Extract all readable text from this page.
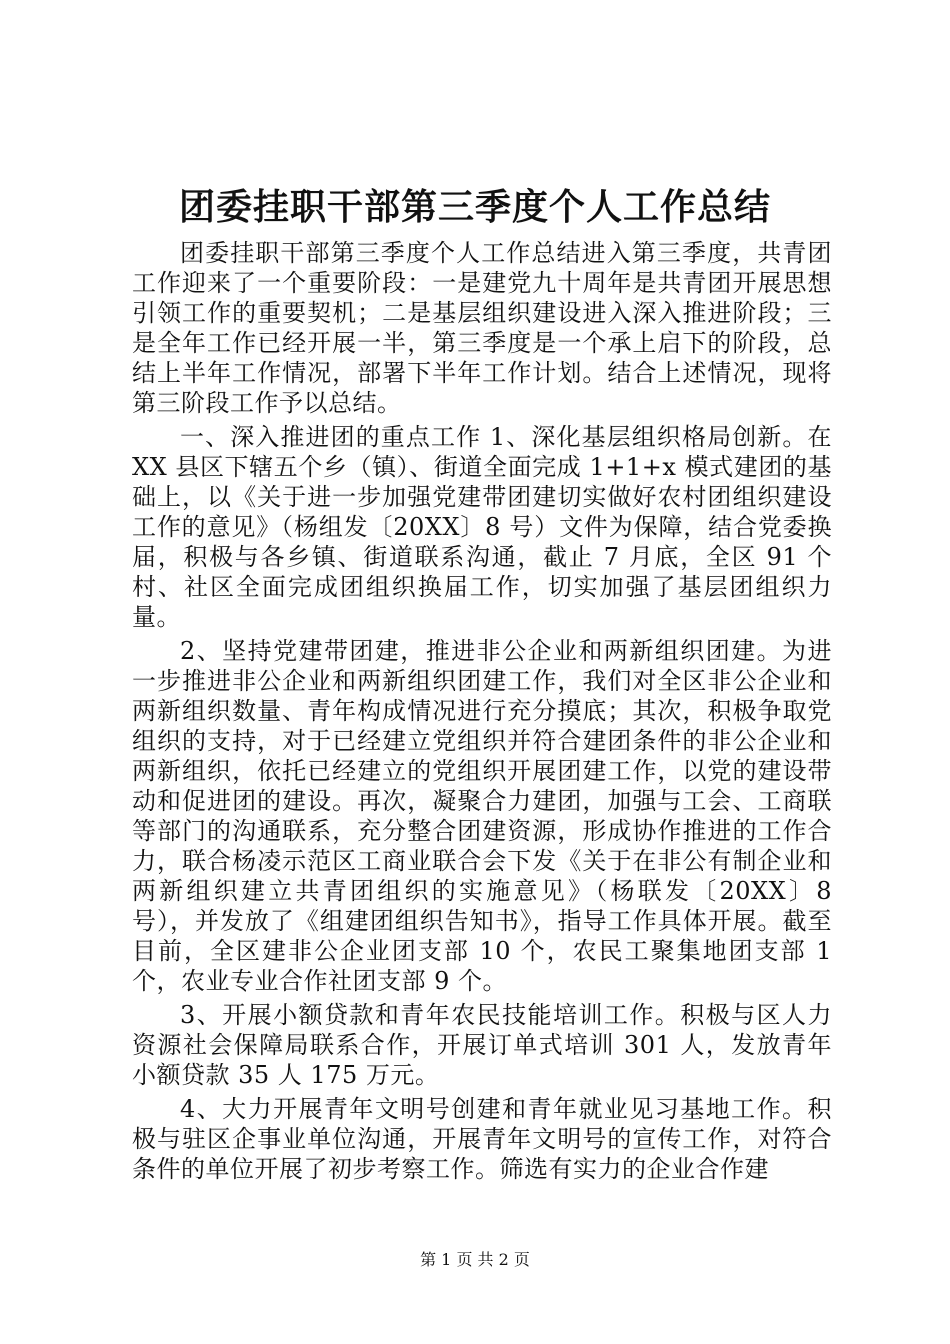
团委挂职干部第三季度个人工作总结

团委挂职干部第三季度个人工作总结进入第三季度，共青团工作迎来了一个重要阶段：一是建党九十周年是共青团开展思想引领工作的重要契机；二是基层组织建设进入深入推进阶段；三是全年工作已经开展一半，第三季度是一个承上启下的阶段，总结上半年工作情况，部署下半年工作计划。结合上述情况，现将第三阶段工作予以总结。

一、深入推进团的重点工作 1、深化基层组织格局创新。在 XX 县区下辖五个乡（镇）、街道全面完成 1+1+x 模式建团的基础上，以《关于进一步加强党建带团建切实做好农村团组织建设工作的意见》（杨组发〔20XX〕8 号）文件为保障，结合党委换届，积极与各乡镇、街道联系沟通，截止 7 月底，全区 91 个村、社区全面完成团组织换届工作，切实加强了基层团组织力量。

2、坚持党建带团建，推进非公企业和两新组织团建。为进一步推进非公企业和两新组织团建工作，我们对全区非公企业和两新组织数量、青年构成情况进行充分摸底；其次，积极争取党组织的支持，对于已经建立党组织并符合建团条件的非公企业和两新组织，依托已经建立的党组织开展团建工作，以党的建设带动和促进团的建设。再次，凝聚合力建团，加强与工会、工商联等部门的沟通联系，充分整合团建资源，形成协作推进的工作合力，联合杨凌示范区工商业联合会下发《关于在非公有制企业和两新组织建立共青团组织的实施意见》（杨联发〔20XX〕8 号），并发放了《组建团组织告知书》，指导工作具体开展。截至目前，全区建非公企业团支部 10 个，农民工聚集地团支部 1 个，农业专业合作社团支部 9 个。

3、开展小额贷款和青年农民技能培训工作。积极与区人力资源社会保障局联系合作，开展订单式培训 301 人，发放青年小额贷款 35 人 175 万元。

4、大力开展青年文明号创建和青年就业见习基地工作。积极与驻区企事业单位沟通，开展青年文明号的宣传工作，对符合条件的单位开展了初步考察工作。筛选有实力的企业合作建

第 1 页 共 2 页
